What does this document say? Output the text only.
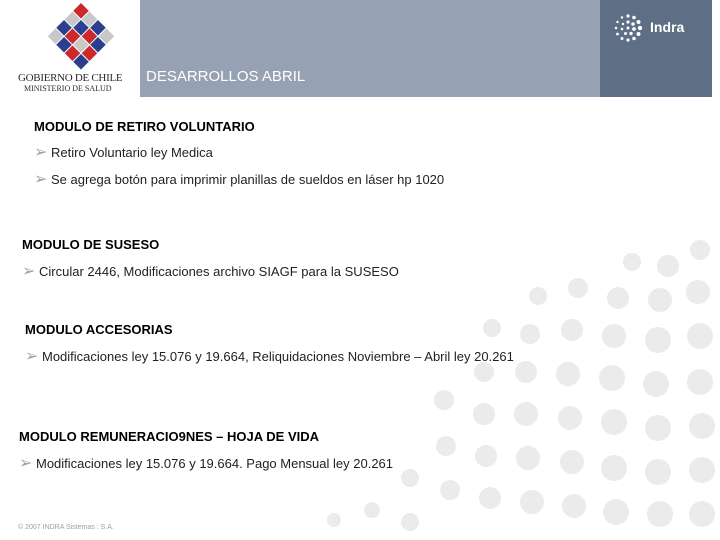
GOBIERNO DE CHILE
MINISTERIO DE SALUD
DESARROLLOS ABRIL
Indra
MODULO DE RETIRO VOLUNTARIO
➢ Retiro Voluntario ley Medica
➢ Se agrega botón para imprimir planillas de sueldos en láser hp 1020
MODULO DE SUSESO
➢ Circular 2446, Modificaciones archivo SIAGF para la SUSESO
MODULO ACCESORIAS
➢ Modificaciones ley 15.076 y 19.664, Reliquidaciones Noviembre – Abril ley 20.261
MODULO REMUNERACIO9NES – HOJA DE VIDA
➢ Modificaciones ley 15.076 y 19.664. Pago Mensual ley 20.261
© 2007 INDRA Sistemas . S.A.
